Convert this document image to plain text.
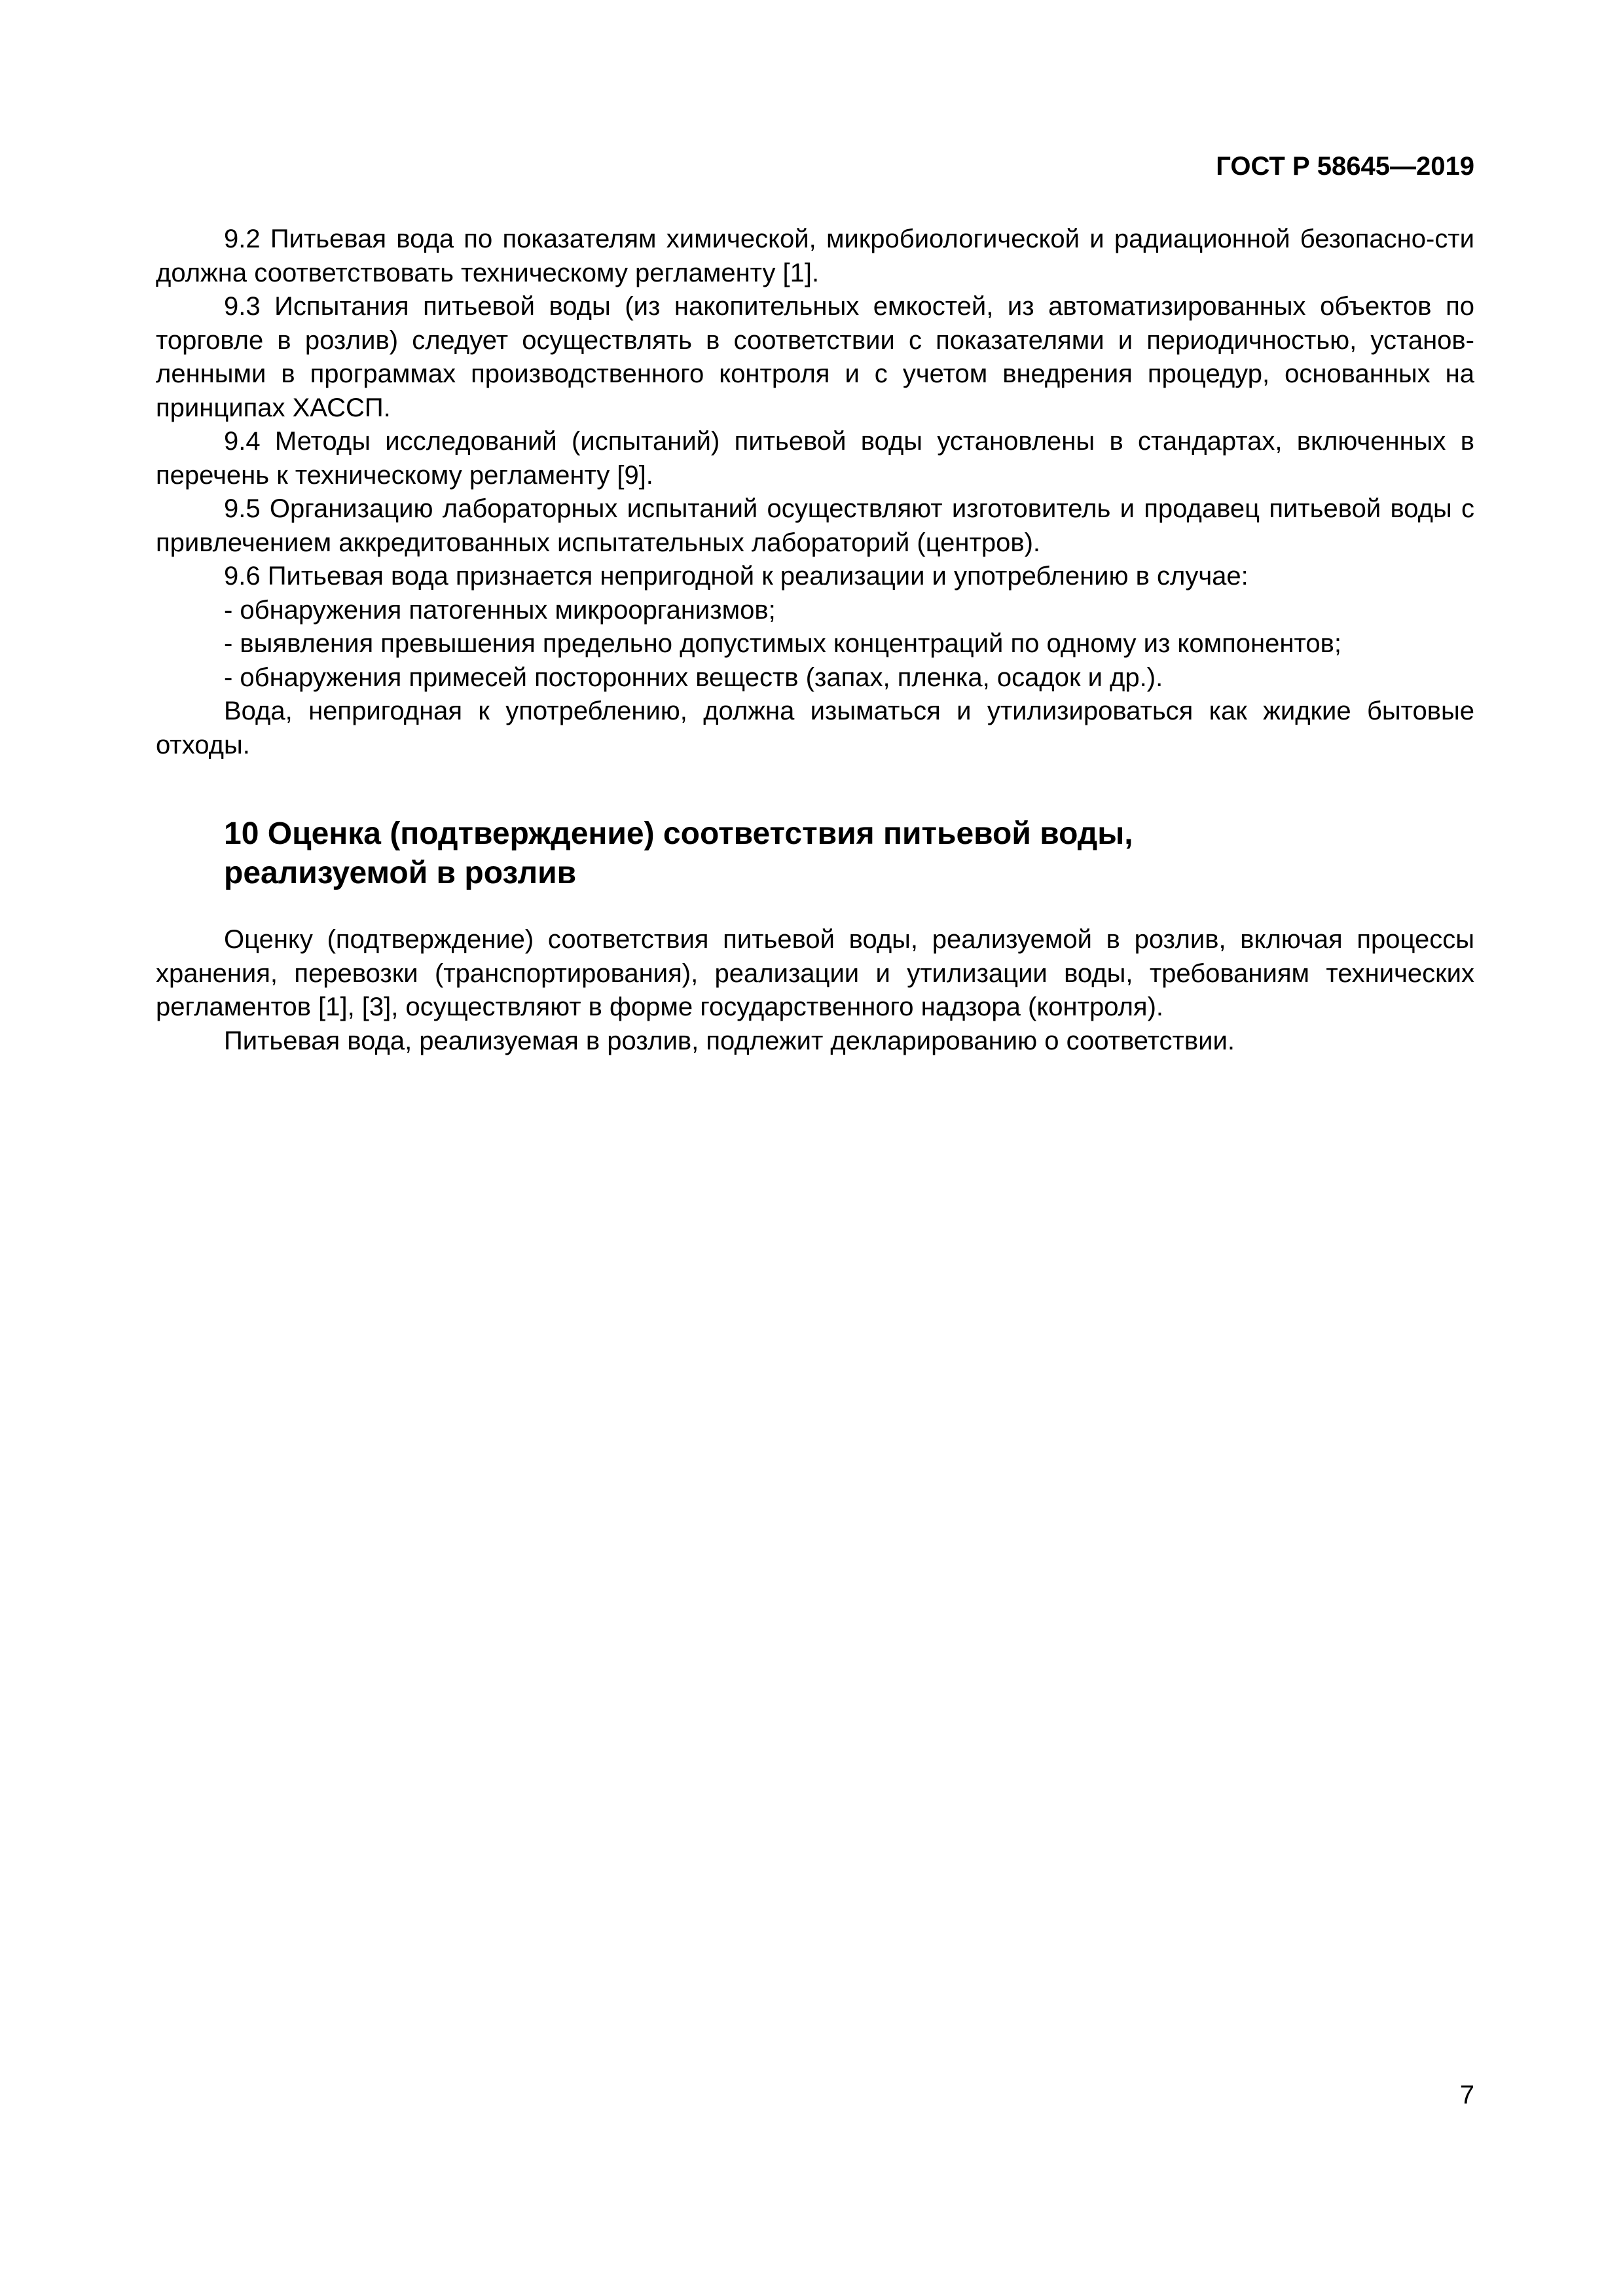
ГОСТ Р 58645—2019

9.2 Питьевая вода по показателям химической, микробиологической и радиационной безопасно-сти должна соответствовать техническому регламенту [1].

9.3 Испытания питьевой воды (из накопительных емкостей, из автоматизированных объектов по торговле в розлив) следует осуществлять в соответствии с показателями и периодичностью, установ-ленными в программах производственного контроля и с учетом внедрения процедур, основанных на принципах ХАССП.

9.4 Методы исследований (испытаний) питьевой воды установлены в стандартах, включенных в перечень к техническому регламенту [9].

9.5 Организацию лабораторных испытаний осуществляют изготовитель и продавец питьевой воды с привлечением аккредитованных испытательных лабораторий (центров).

9.6 Питьевая вода признается непригодной к реализации и употреблению в случае:

- обнаружения патогенных микроорганизмов;

- выявления превышения предельно допустимых концентраций по одному из компонентов;

- обнаружения примесей посторонних веществ (запах, пленка, осадок и др.).

Вода, непригодная к употреблению, должна изыматься и утилизироваться как жидкие бытовые отходы.

10 Оценка (подтверждение) соответствия питьевой воды, реализуемой в розлив

Оценку (подтверждение) соответствия питьевой воды, реализуемой в розлив, включая процессы хранения, перевозки (транспортирования), реализации и утилизации воды, требованиям технических регламентов [1], [3], осуществляют в форме государственного надзора (контроля).

Питьевая вода, реализуемая в розлив, подлежит декларированию о соответствии.

7
